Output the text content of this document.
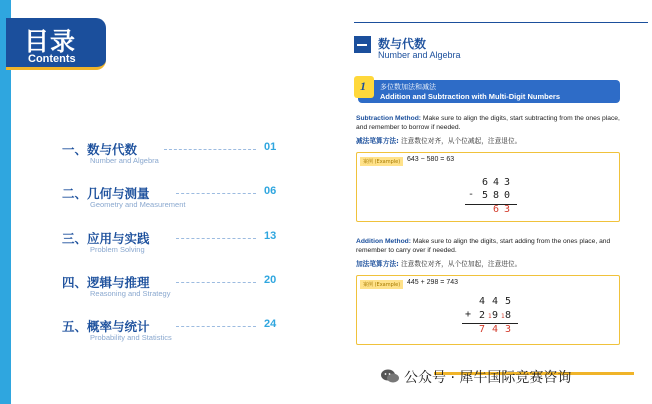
目录
Contents
一、数与代数
Number and Algebra
01
二、几何与测量
Geometry and Measurement
06
三、应用与实践
Problem Solving
13
四、逻辑与推理
Reasoning and Strategy
20
五、概率与统计
Probability and Statistics
24
数与代数
Number and Algebra
1 多位数加法和减法
Addition and Subtraction with Multi-Digit Numbers
Subtraction Method: Make sure to align the digits, start subtracting from the ones place, and remember to borrow if needed.
减法笔算方法: 注意数位对齐，从个位减起，注意退位。
案例 (Example) 643 − 580 = 63
6 4 3
- 5 8 0
6 3
Addition Method: Make sure to align the digits, start adding from the ones place, and remember to carry over if needed.
加法笔算方法: 注意数位对齐，从个位加起，注意进位。
案例 (Example) 445 + 298 = 743
4 4 5
+ 2 1 9 1 8
7 4 3
公众号 · 犀牛国际竞赛咨询
